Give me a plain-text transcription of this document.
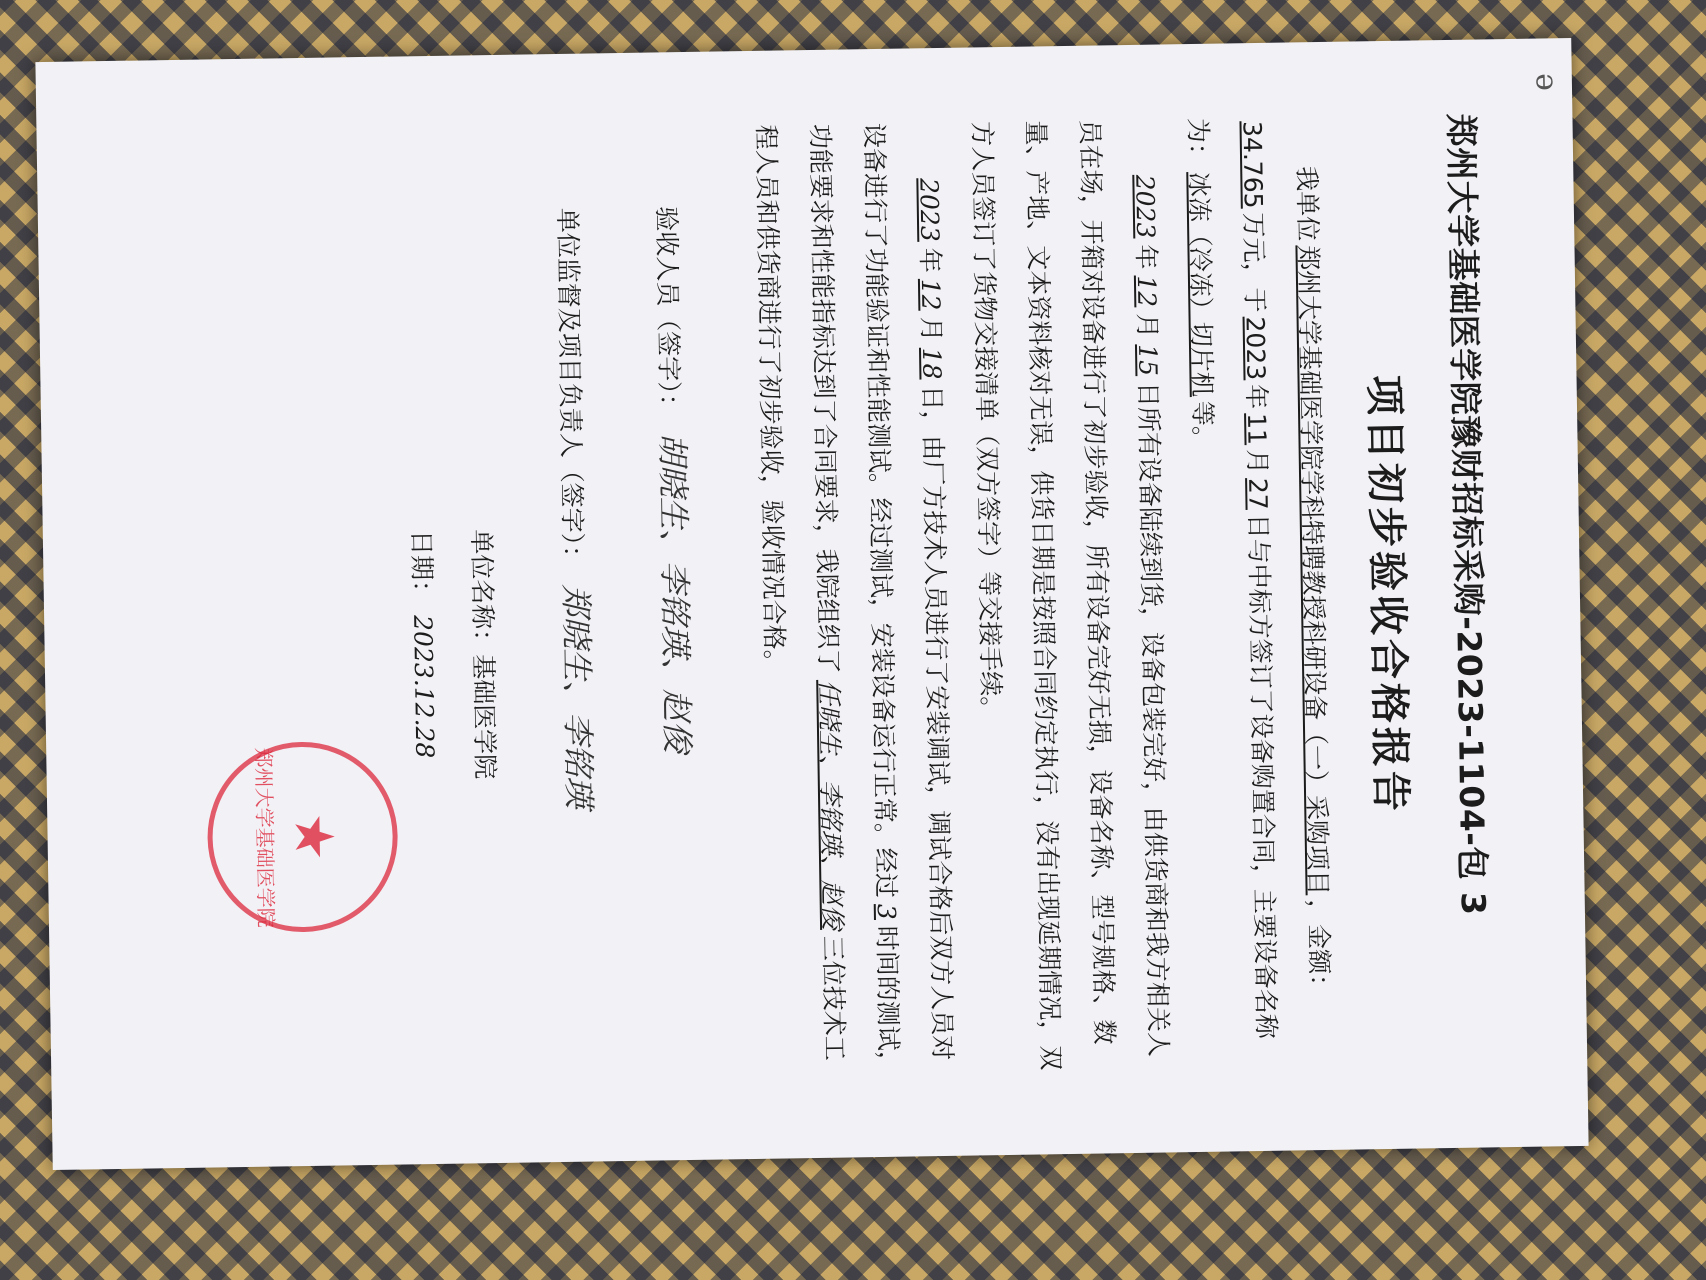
e
郑州大学基础医学院豫财招标采购-2023-1104-包 3
项目初步验收合格报告

我单位郑州大学基础医学院学科特聘教授科研设备（一）采购项目，金额：34.765万元，于2023年11月27日与中标方签订了设备购置合同，主要设备名称为：冰冻（冷冻）切片机等。

2023年12月15日所有设备陆续到货，设备包装完好，由供货商和我方相关人员在场，开箱对设备进行了初步验收，所有设备完好无损，设备名称、型号规格、数量、产地、文本资料核对无误，供货日期是按照合同约定执行，没有出现延期情况，双方人员签订了货物交接清单（双方签字）等交接手续。

2023年12月18日，由厂方技术人员进行了安装调试，调试合格后双方人员对设备进行了功能验证和性能测试。经过测试，安装设备运行正常。经过3时间的测试，功能要求和性能指标达到了合同要求，我院组织了任晓生、李铭瑛、赵俊三位技术工程人员和供货商进行了初步验收，验收情况合格。

验收人员（签字）：胡晓生、李铭瑛、赵俊
单位监督及项目负责人（签字）：郑晓生、李铭瑛
单位名称：基础医学院
日期：2023.12.28
★
郑州大学基础医学院
